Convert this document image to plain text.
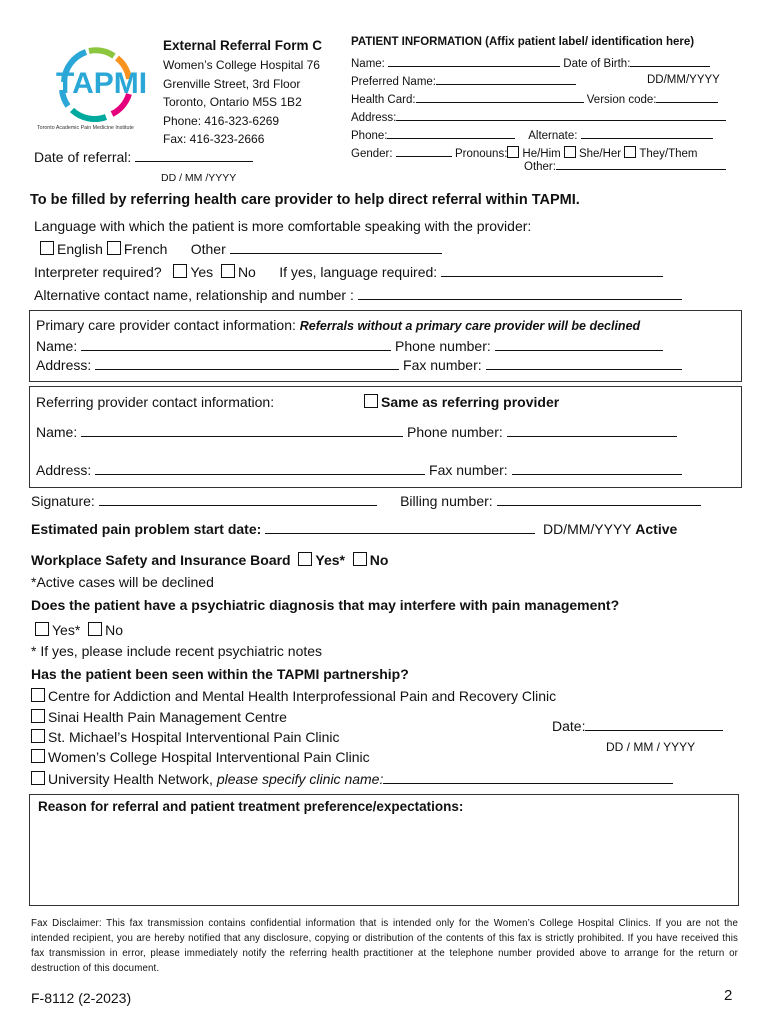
TAPMI
Toronto Academic Pain Medicine Institute
External Referral Form C
Women’s College Hospital 76
Grenville Street, 3rd Floor
Toronto, Ontario M5S 1B2
Phone: 416-323-6269
Fax: 416-323-2666
Date of referral:
DD / MM /YYYY
PATIENT INFORMATION (Affix patient label/ identification here)
Name:	Date of Birth:
Preferred Name:	DD/MM/YYYY
Health Card:	Version code:
Address:
Phone:	Alternate:
Gender:	Pronouns: He/Him She/Her They/Them
Other:
To be filled by referring health care provider to help direct referral within TAPMI.
Language with which the patient is more comfortable speaking with the provider:
English French Other
Interpreter required? Yes No If yes, language required:
Alternative contact name, relationship and number :
Primary care provider contact information: Referrals without a primary care provider will be declined
Name:	Phone number:
Address:	Fax number:
Referring provider contact information:	Same as referring provider
Name:	Phone number:
Address:	Fax number:
Signature:	Billing number:
Estimated pain problem start date:	DD/MM/YYYY Active
Workplace Safety and Insurance Board Yes* No
*Active cases will be declined
Does the patient have a psychiatric diagnosis that may interfere with pain management?
Yes* No
* If yes, please include recent psychiatric notes
Has the patient been seen within the TAPMI partnership?
Centre for Addiction and Mental Health Interprofessional Pain and Recovery Clinic
Sinai Health Pain Management Centre
St. Michael’s Hospital Interventional Pain Clinic
Women’s College Hospital Interventional Pain Clinic
University Health Network, please specify clinic name:
Date:
DD / MM / YYYY
Reason for referral and patient treatment preference/expectations:
Fax Disclaimer: This fax transmission contains confidential information that is intended only for the Women’s College Hospital Clinics. If you are not the intended recipient, you are hereby notified that any disclosure, copying or distribution of the contents of this fax is strictly prohibited. If you have received this fax transmission in error, please immediately notify the referring health practitioner at the telephone number provided above to arrange for the return or destruction of this document.
F-8112 (2-2023)	2
